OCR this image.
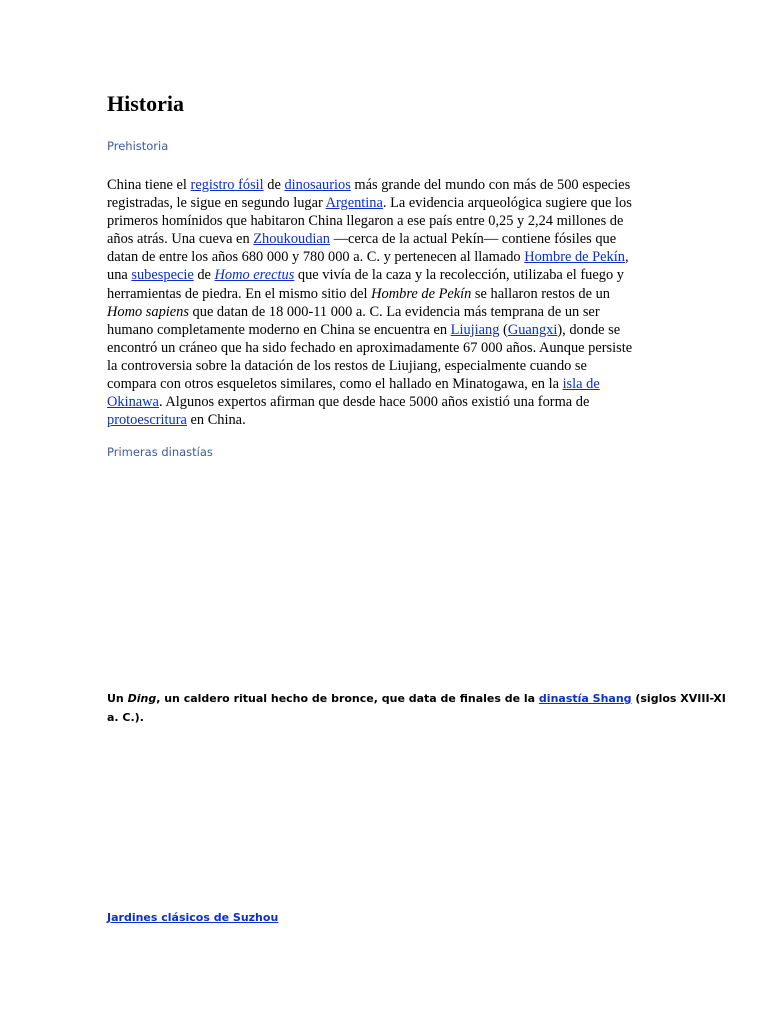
Historia
Prehistoria

China tiene el registro fósil de dinosaurios más grande del mundo con más de 500 especies
registradas, le sigue en segundo lugar Argentina. La evidencia arqueológica sugiere que los
primeros homínidos que habitaron China llegaron a ese país entre 0,25 y 2,24 millones de
años atrás. Una cueva en Zhoukoudian —cerca de la actual Pekín— contiene fósiles que
datan de entre los años 680 000 y 780 000 a. C. y pertenecen al llamado Hombre de Pekín,
una subespecie de Homo erectus que vivía de la caza y la recolección, utilizaba el fuego y
herramientas de piedra. En el mismo sitio del Hombre de Pekín se hallaron restos de un
Homo sapiens que datan de 18 000-11 000 a. C. La evidencia más temprana de un ser
humano completamente moderno en China se encuentra en Liujiang (Guangxi), donde se
encontró un cráneo que ha sido fechado en aproximadamente 67 000 años. Aunque persiste
la controversia sobre la datación de los restos de Liujiang, especialmente cuando se
compara con otros esqueletos similares, como el hallado en Minatogawa, en la isla de
Okinawa. Algunos expertos afirman que desde hace 5000 años existió una forma de
protoescritura en China.

Primeras dinastías

Un Ding, un caldero ritual hecho de bronce, que data de finales de la dinastía Shang (siglos XVIII-XI
a. C.).

Jardines clásicos de Suzhou
